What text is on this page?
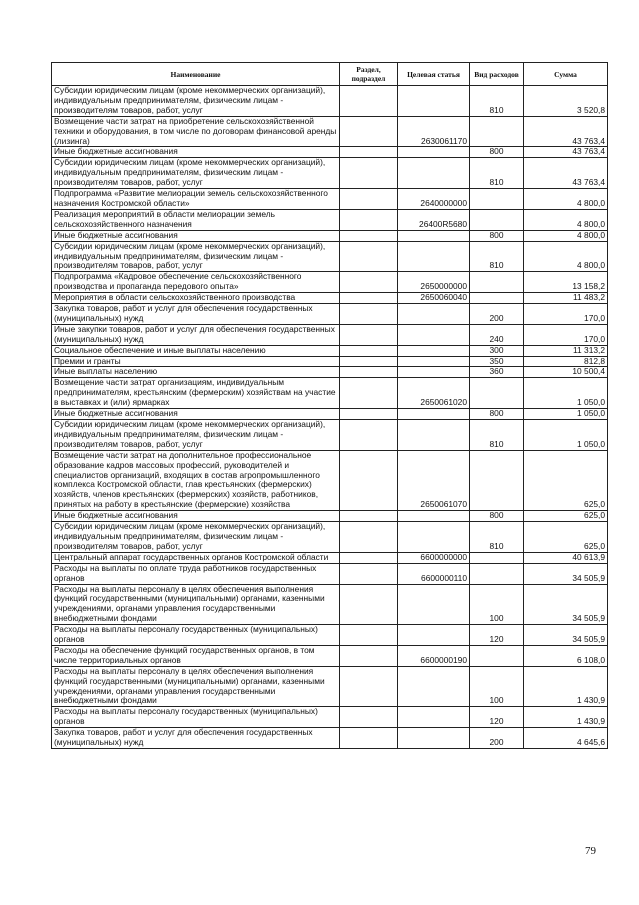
Наименование	Раздел, подраздел	Целевая статья	Вид расходов	Сумма
Субсидии юридическим лицам (кроме некоммерческих организаций), индивидуальным предпринимателям, физическим лицам - производителям товаров, работ, услуг			810	3 520,8
Возмещение части затрат на приобретение сельскохозяйственной техники и оборудования, в том числе по договорам финансовой аренды (лизинга)		2630061170		43 763,4
Иные бюджетные ассигнования			800	43 763,4
Субсидии юридическим лицам (кроме некоммерческих организаций), индивидуальным предпринимателям, физическим лицам - производителям товаров, работ, услуг			810	43 763,4
Подпрограмма «Развитие мелиорации земель сельскохозяйственного назначения Костромской области»		2640000000		4 800,0
Реализация мероприятий в области мелиорации земель сельскохозяйственного назначения		26400R5680		4 800,0
Иные бюджетные ассигнования			800	4 800,0
Субсидии юридическим лицам (кроме некоммерческих организаций), индивидуальным предпринимателям, физическим лицам - производителям товаров, работ, услуг			810	4 800,0
Подпрограмма «Кадровое обеспечение сельскохозяйственного производства и пропаганда передового опыта»		2650000000		13 158,2
Мероприятия в области сельскохозяйственного производства		2650060040		11 483,2
Закупка товаров, работ и услуг для обеспечения государственных (муниципальных) нужд			200	170,0
Иные закупки товаров, работ и услуг для обеспечения государственных (муниципальных) нужд			240	170,0
Социальное обеспечение и иные выплаты населению			300	11 313,2
Премии и гранты			350	812,8
Иные выплаты населению			360	10 500,4
Возмещение части затрат организациям, индивидуальным предпринимателям, крестьянским (фермерским) хозяйствам на участие в выставках и (или) ярмарках		2650061020		1 050,0
Иные бюджетные ассигнования			800	1 050,0
Субсидии юридическим лицам (кроме некоммерческих организаций), индивидуальным предпринимателям, физическим лицам - производителям товаров, работ, услуг			810	1 050,0
Возмещение части затрат на дополнительное профессиональное образование кадров массовых профессий, руководителей и специалистов организаций, входящих в состав агропромышленного комплекса Костромской области, глав крестьянских (фермерских) хозяйств, членов крестьянских (фермерских) хозяйств, работников, принятых на работу в крестьянские (фермерские) хозяйства		2650061070		625,0
Иные бюджетные ассигнования			800	625,0
Субсидии юридическим лицам (кроме некоммерческих организаций), индивидуальным предпринимателям, физическим лицам - производителям товаров, работ, услуг			810	625,0
Центральный аппарат государственных органов Костромской области		6600000000		40 613,9
Расходы на выплаты по оплате труда работников государственных органов		6600000110		34 505,9
Расходы на выплаты персоналу в целях обеспечения выполнения функций государственными (муниципальными) органами, казенными учреждениями, органами управления государственными внебюджетными фондами			100	34 505,9
Расходы на выплаты персоналу государственных (муниципальных) органов			120	34 505,9
Расходы на обеспечение функций государственных органов, в том числе территориальных органов		6600000190		6 108,0
Расходы на выплаты персоналу в целях обеспечения выполнения функций государственными (муниципальными) органами, казенными учреждениями, органами управления государственными внебюджетными фондами			100	1 430,9
Расходы на выплаты персоналу государственных (муниципальных) органов			120	1 430,9
Закупка товаров, работ и услуг для обеспечения государственных (муниципальных) нужд			200	4 645,6
79
